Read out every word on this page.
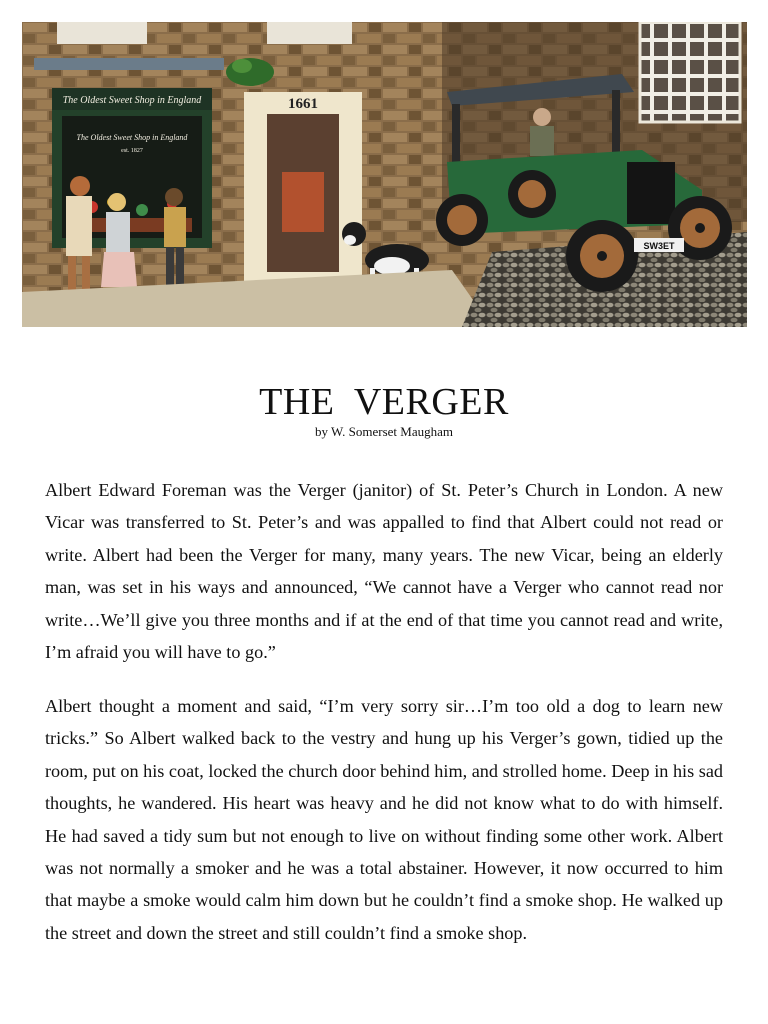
The Oldest Sweet Shop in England
The Oldest Sweet Shop in England
est. 1827
1661
SW3ET
THE  VERGER

by W. Somerset Maugham

Albert Edward Foreman was the Verger (janitor) of St. Peter’s Church in London. A new Vicar was transferred to St. Peter’s and was appalled to find that Albert could not read or write. Albert had been the Verger for many, many years. The new Vicar, being an elderly man, was set in his ways and announced, “We cannot have a Verger who cannot read nor write…We’ll give you three months and if at the end of that time you cannot read and write, I’m afraid you will have to go.”

Albert thought a moment and said, “I’m very sorry sir…I’m too old a dog to learn new tricks.” So Albert walked back to the vestry and hung up his Verger’s gown, tidied up the room, put on his coat, locked the church door behind him, and strolled home. Deep in his sad thoughts, he wandered. His heart was heavy and he did not know what to do with himself. He had saved a tidy sum but not enough to live on without finding some other work. Albert was not normally a smoker and he was a total abstainer. However, it now occurred to him that maybe a smoke would calm him down but he couldn’t find a smoke shop. He walked up the street and down the street and still couldn’t find a smoke shop.
